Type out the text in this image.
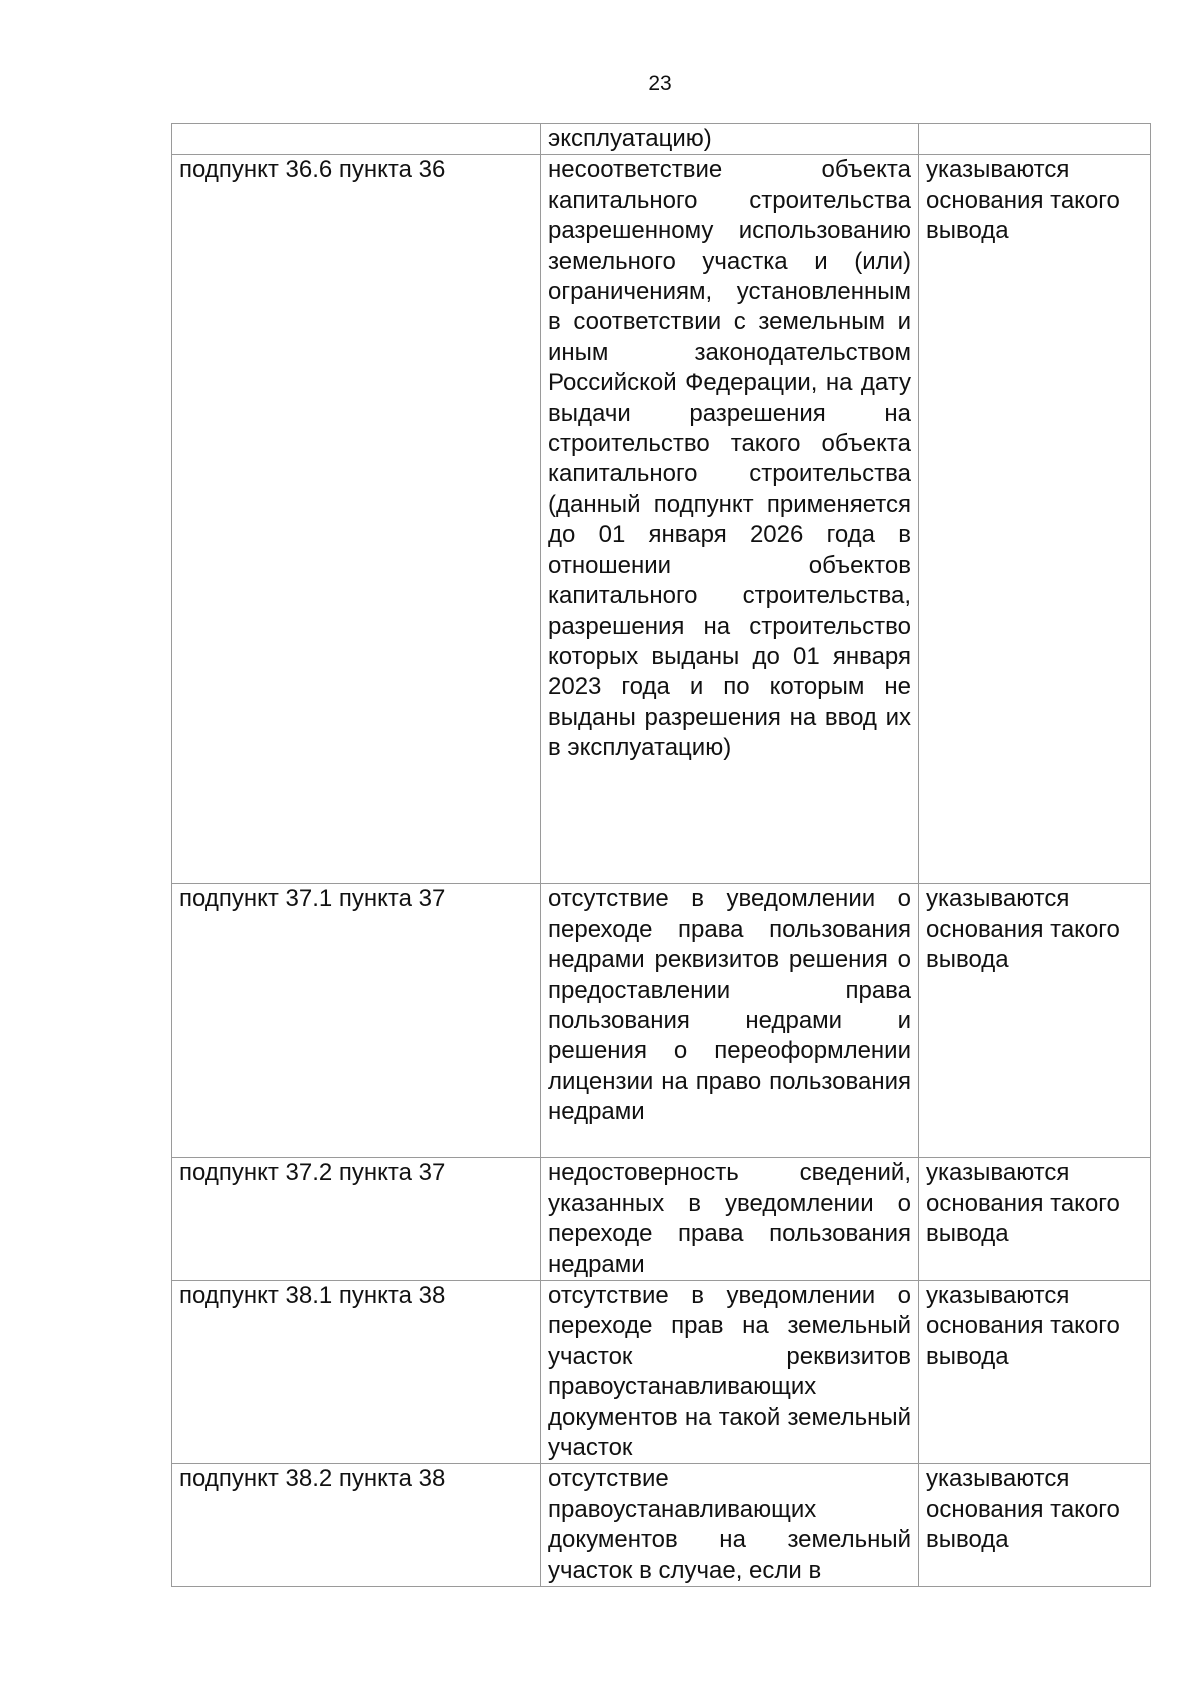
23
	эксплуатацию)	
подпункт 36.6 пункта 36	несоответствие объекта капитального строительства разрешенному использованию земельного участка и (или) ограничениям, установленным в соответствии с земельным и иным законодательством Российской Федерации, на дату выдачи разрешения на строительство такого объекта капитального строительства (данный подпункт применяется до 01 января 2026 года в отношении объектов капитального строительства, разрешения на строительство которых выданы до 01 января 2023 года и по которым не выданы разрешения на ввод их в эксплуатацию)	указываются основания такого вывода
подпункт 37.1 пункта 37	отсутствие в уведомлении о переходе права пользования недрами реквизитов решения о предоставлении права пользования недрами и решения о переоформлении лицензии на право пользования недрами	указываются основания такого вывода
подпункт 37.2 пункта 37	недостоверность сведений, указанных в уведомлении о переходе права пользования недрами	указываются основания такого вывода
подпункт 38.1 пункта 38	отсутствие в уведомлении о переходе прав на земельный участок реквизитов правоустанавливающих документов на такой земельный участок	указываются основания такого вывода
подпункт 38.2 пункта 38	отсутствие правоустанавливающих документов на земельный участок в случае, если в	указываются основания такого вывода
